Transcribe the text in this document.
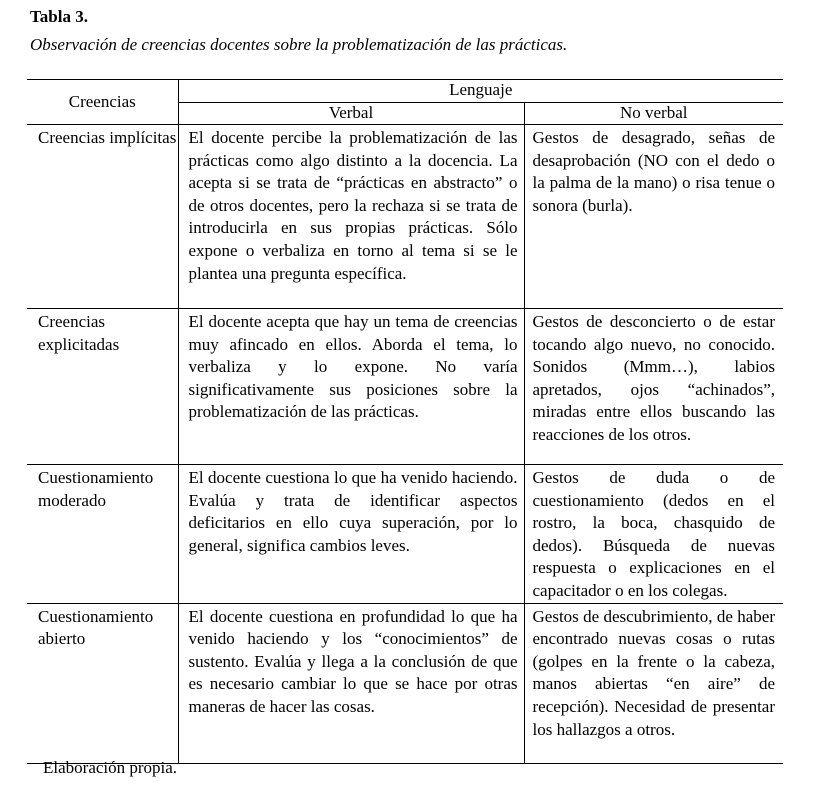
Tabla 3.
Observación de creencias docentes sobre la problematización de las prácticas.
Creencias	Lenguaje	
	Verbal	No verbal

Creencias implícitas	El docente percibe la problematización de las prácticas como algo distinto a la docencia. La acepta si se trata de “prácticas en abstracto” o de otros docentes, pero la rechaza si se trata de introducirla en sus propias prácticas. Sólo expone o verbaliza en torno al tema si se le plantea una pregunta específica.	Gestos de desagrado, señas de desaprobación (NO con el dedo o la palma de la mano) o risa tenue o sonora (burla).

Creencias explicitadas	El docente acepta que hay un tema de creencias muy afincado en ellos. Aborda el tema, lo verbaliza y lo expone. No varía significativamente sus posiciones sobre la problematización de las prácticas.	Gestos de desconcierto o de estar tocando algo nuevo, no conocido. Sonidos (Mmm…), labios apretados, ojos “achinados”, miradas entre ellos buscando las reacciones de los otros.

Cuestionamiento moderado	El docente cuestiona lo que ha venido haciendo. Evalúa y trata de identificar aspectos deficitarios en ello cuya superación, por lo general, significa cambios leves.	Gestos de duda o de cuestionamiento (dedos en el rostro, la boca, chasquido de dedos). Búsqueda de nuevas respuesta o explicaciones en el capacitador o en los colegas.

Cuestionamiento abierto	El docente cuestiona en profundidad lo que ha venido haciendo y los “conocimientos” de sustento. Evalúa y llega a la conclusión de que es necesario cambiar lo que se hace por otras maneras de hacer las cosas.	Gestos de descubrimiento, de haber encontrado nuevas cosas o rutas (golpes en la frente o la cabeza, manos abiertas “en aire” de recepción). Necesidad de presentar los hallazgos a otros.
Elaboración propia.
